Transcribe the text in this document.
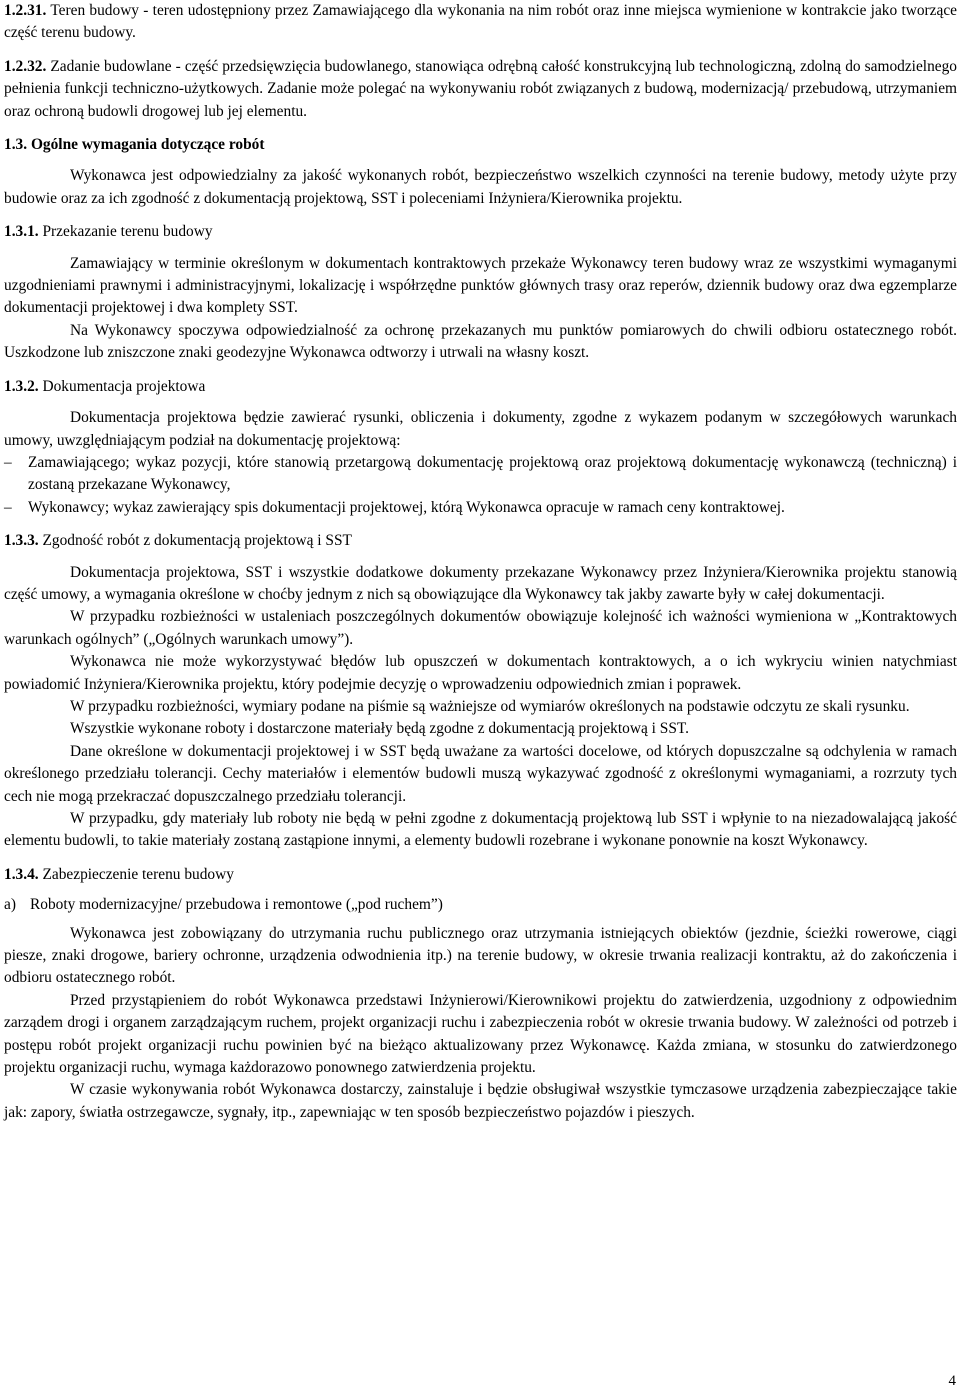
1.2.31. Teren budowy - teren udostępniony przez Zamawiającego dla wykonania na nim robót oraz inne miejsca wymienione w kontrakcie jako tworzące część terenu budowy.

1.2.32. Zadanie budowlane - część przedsięwzięcia budowlanego, stanowiąca odrębną całość konstrukcyjną lub technologiczną, zdolną do samodzielnego pełnienia funkcji techniczno-użytkowych. Zadanie może polegać na wykonywaniu robót związanych z budową, modernizacją/ przebudową, utrzymaniem oraz ochroną budowli drogowej lub jej elementu.

1.3. Ogólne wymagania dotyczące robót

Wykonawca jest odpowiedzialny za jakość wykonanych robót, bezpieczeństwo wszelkich czynności na terenie budowy, metody użyte przy budowie oraz za ich zgodność z dokumentacją projektową, SST i poleceniami Inżyniera/Kierownika projektu.

1.3.1. Przekazanie terenu budowy

Zamawiający w terminie określonym w dokumentach kontraktowych przekaże Wykonawcy teren budowy wraz ze wszystkimi wymaganymi uzgodnieniami prawnymi i administracyjnymi, lokalizację i współrzędne punktów głównych trasy oraz reperów, dziennik budowy oraz dwa egzemplarze dokumentacji projektowej i dwa komplety SST.

Na Wykonawcy spoczywa odpowiedzialność za ochronę przekazanych mu punktów pomiarowych do chwili odbioru ostatecznego robót. Uszkodzone lub zniszczone znaki geodezyjne Wykonawca odtworzy i utrwali na własny koszt.

1.3.2. Dokumentacja projektowa

Dokumentacja projektowa będzie zawierać rysunki, obliczenia i dokumenty, zgodne z wykazem podanym w szczegółowych warunkach umowy, uwzględniającym podział na dokumentację projektową:

–	Zamawiającego; wykaz pozycji, które stanowią przetargową dokumentację projektową oraz projektową dokumentację wykonawczą (techniczną) i zostaną przekazane Wykonawcy,
–	Wykonawcy; wykaz zawierający spis dokumentacji projektowej, którą Wykonawca opracuje w ramach ceny kontraktowej.

1.3.3. Zgodność robót z dokumentacją projektową i SST

Dokumentacja projektowa, SST i wszystkie dodatkowe dokumenty przekazane Wykonawcy przez Inżyniera/Kierownika projektu stanowią część umowy, a wymagania określone w choćby jednym z nich są obowiązujące dla Wykonawcy tak jakby zawarte były w całej dokumentacji.

W przypadku rozbieżności w ustaleniach poszczególnych dokumentów obowiązuje kolejność ich ważności wymieniona w „Kontraktowych warunkach ogólnych” („Ogólnych warunkach umowy”).

Wykonawca nie może wykorzystywać błędów lub opuszczeń w dokumentach kontraktowych, a o ich wykryciu winien natychmiast powiadomić Inżyniera/Kierownika projektu, który podejmie decyzję o wprowadzeniu odpowiednich zmian i poprawek.

W przypadku rozbieżności, wymiary podane na piśmie są ważniejsze od wymiarów określonych na podstawie odczytu ze skali rysunku.

Wszystkie wykonane roboty i dostarczone materiały będą zgodne z dokumentacją projektową i SST.

Dane określone w dokumentacji projektowej i w SST będą uważane za wartości docelowe, od których dopuszczalne są odchylenia w ramach określonego przedziału tolerancji. Cechy materiałów i elementów budowli muszą wykazywać zgodność z określonymi wymaganiami, a rozrzuty tych cech nie mogą przekraczać dopuszczalnego przedziału tolerancji.

W przypadku, gdy materiały lub roboty nie będą w pełni zgodne z dokumentacją projektową lub SST i wpłynie to na niezadowalającą jakość elementu budowli, to takie materiały zostaną zastąpione innymi, a elementy budowli rozebrane i wykonane ponownie na koszt Wykonawcy.

1.3.4. Zabezpieczenie terenu budowy

a) Roboty modernizacyjne/ przebudowa i remontowe („pod ruchem”)

Wykonawca jest zobowiązany do utrzymania ruchu publicznego oraz utrzymania istniejących obiektów (jezdnie, ścieżki rowerowe, ciągi piesze, znaki drogowe, bariery ochronne, urządzenia odwodnienia itp.) na terenie budowy, w okresie trwania realizacji kontraktu, aż do zakończenia i odbioru ostatecznego robót.

Przed przystąpieniem do robót Wykonawca przedstawi Inżynierowi/Kierownikowi projektu do zatwierdzenia, uzgodniony z odpowiednim zarządem drogi i organem zarządzającym ruchem, projekt organizacji ruchu i zabezpieczenia robót w okresie trwania budowy. W zależności od potrzeb i postępu robót projekt organizacji ruchu powinien być na bieżąco aktualizowany przez Wykonawcę. Każda zmiana, w stosunku do zatwierdzonego projektu organizacji ruchu, wymaga każdorazowo ponownego zatwierdzenia projektu.

W czasie wykonywania robót Wykonawca dostarczy, zainstaluje i będzie obsługiwał wszystkie tymczasowe urządzenia zabezpieczające takie jak: zapory, światła ostrzegawcze, sygnały, itp., zapewniając w ten sposób bezpieczeństwo pojazdów i pieszych.

4
